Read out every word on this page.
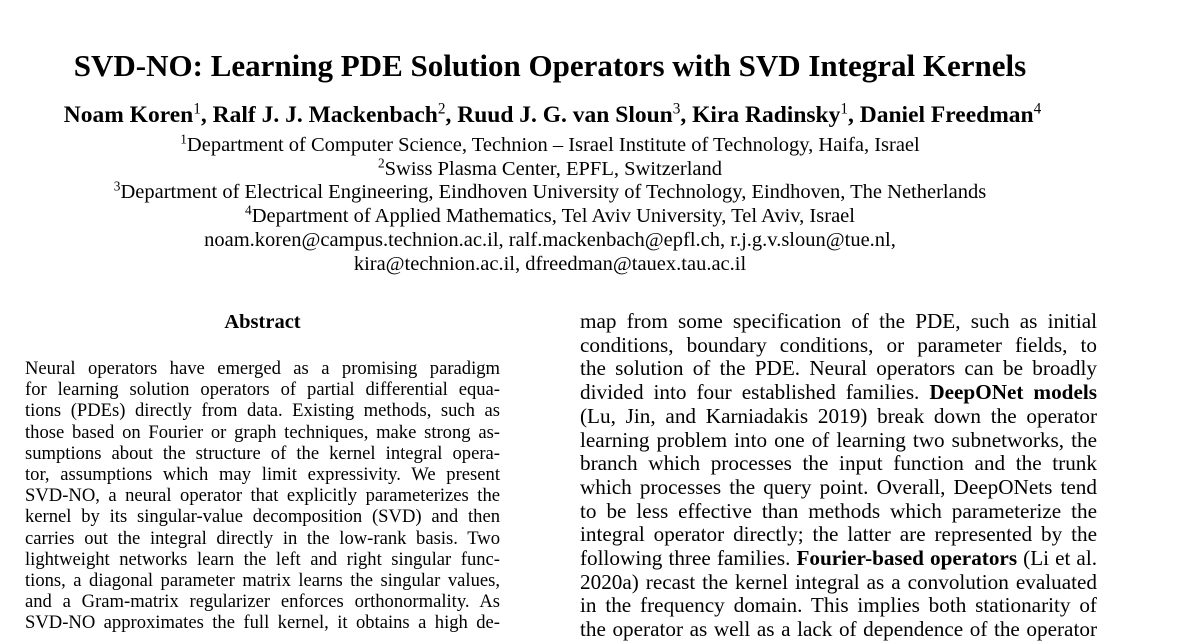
SVD-NO: Learning PDE Solution Operators with SVD Integral Kernels
Noam Koren$^1$, Ralf J. J. Mackenbach$^2$, Ruud J. G. van Sloun$^3$, Kira Radinsky$^1$, Daniel Freedman$^4$
$^1$Department of Computer Science, Technion – Israel Institute of Technology, Haifa, Israel
$^2$Swiss Plasma Center, EPFL, Switzerland
$^3$Department of Electrical Engineering, Eindhoven University of Technology, Eindhoven, The Netherlands
$^4$Department of Applied Mathematics, Tel Aviv University, Tel Aviv, Israel
noam.koren@campus.technion.ac.il, ralf.mackenbach@epfl.ch, r.j.g.v.sloun@tue.nl,
kira@technion.ac.il, dfreedman@tauex.tau.ac.il
Abstract
Neural operators have emerged as a promising paradigm
for learning solution operators of partial differential equa-
tions (PDEs) directly from data. Existing methods, such as
those based on Fourier or graph techniques, make strong as-
sumptions about the structure of the kernel integral opera-
tor, assumptions which may limit expressivity. We present
SVD-NO, a neural operator that explicitly parameterizes the
kernel by its singular-value decomposition (SVD) and then
carries out the integral directly in the low-rank basis. Two
lightweight networks learn the left and right singular func-
tions, a diagonal parameter matrix learns the singular values,
and a Gram-matrix regularizer enforces orthonormality. As
SVD-NO approximates the full kernel, it obtains a high de-
map from some specification of the PDE, such as initial
conditions, boundary conditions, or parameter fields, to
the solution of the PDE. Neural operators can be broadly
divided into four established families. DeepONet models
(Lu, Jin, and Karniadakis 2019) break down the operator
learning problem into one of learning two subnetworks, the
branch which processes the input function and the trunk
which processes the query point. Overall, DeepONets tend
to be less effective than methods which parameterize the
integral operator directly; the latter are represented by the
following three families. Fourier-based operators (Li et al.
2020a) recast the kernel integral as a convolution evaluated
in the frequency domain. This implies both stationarity of
the operator as well as a lack of dependence of the operator
